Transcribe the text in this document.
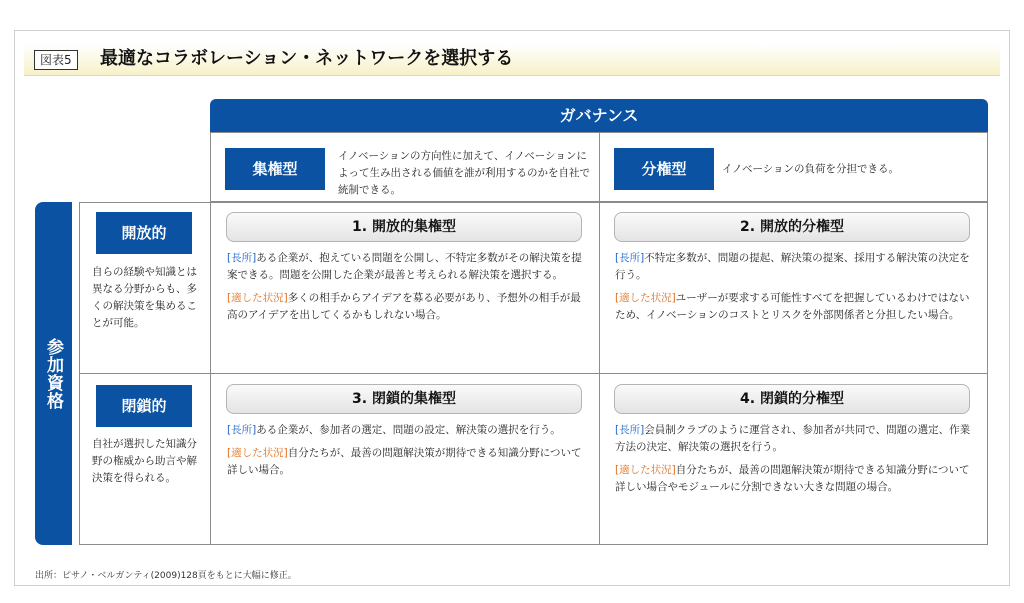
図表5	最適なコラボレーション・ネットワークを選択する
ガバナンス
参加資格
集権型
イノベーションの方向性に加えて、イノベーションによって生み出される価値を誰が利用するのかを自社で統制できる。
分権型	イノベーションの負荷を分担できる。
開放的
自らの経験や知識とは異なる分野からも、多くの解決策を集めることが可能。
閉鎖的
自社が選択した知識分野の権威から助言や解決策を得られる。
1. 開放的集権型
[長所]ある企業が、抱えている問題を公開し、不特定多数がその解決策を提案できる。問題を公開した企業が最善と考えられる解決策を選択する。
[適した状況]多くの相手からアイデアを募る必要があり、予想外の相手が最高のアイデアを出してくるかもしれない場合。
2. 開放的分権型
[長所]不特定多数が、問題の提起、解決策の提案、採用する解決策の決定を行う。
[適した状況]ユーザーが要求する可能性すべてを把握しているわけではないため、イノベーションのコストとリスクを外部関係者と分担したい場合。
3. 閉鎖的集権型
[長所]ある企業が、参加者の選定、問題の設定、解決策の選択を行う。
[適した状況]自分たちが、最善の問題解決策が期待できる知識分野について詳しい場合。
4. 閉鎖的分権型
[長所]会員制クラブのように運営され、参加者が共同で、問題の選定、作業方法の決定、解決策の選択を行う。
[適した状況]自分たちが、最善の問題解決策が期待できる知識分野について詳しい場合やモジュールに分割できない大きな問題の場合。
出所：ピサノ・ベルガンティ(2009)128頁をもとに大幅に修正。
